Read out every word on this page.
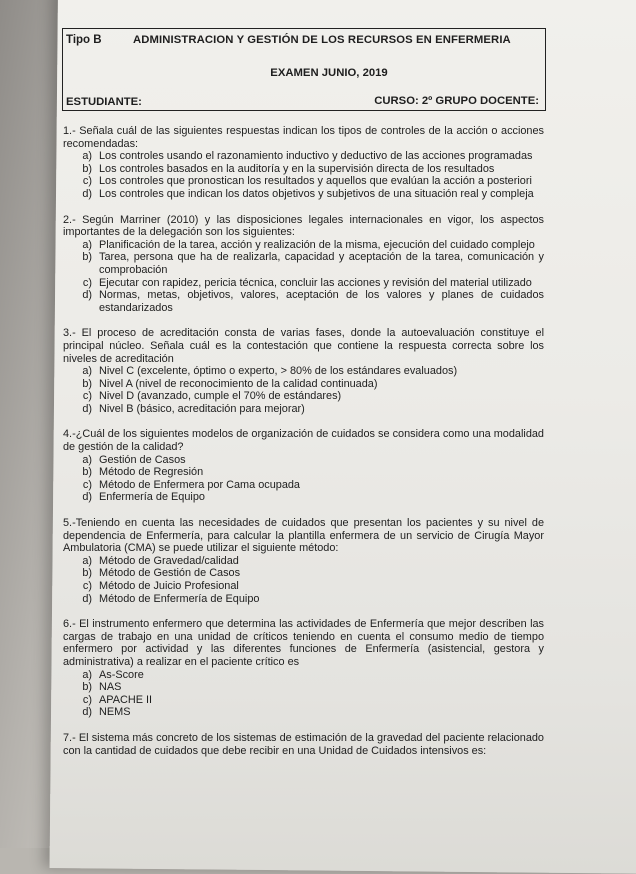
Tipo B	ADMINISTRACION Y GESTIÓN DE LOS RECURSOS EN ENFERMERIA
EXAMEN JUNIO, 2019
ESTUDIANTE:	CURSO: 2º GRUPO DOCENTE:
1.- Señala cuál de las siguientes respuestas indican los tipos de controles de la acción o acciones recomendadas:
a) Los controles usando el razonamiento inductivo y deductivo de las acciones programadas
b) Los controles basados en la auditoría y en la supervisión directa de los resultados
c) Los controles que pronostican los resultados y aquellos que evalúan la acción a posteriori
d) Los controles que indican los datos objetivos y subjetivos de una situación real y compleja
2.- Según Marriner (2010) y las disposiciones legales internacionales en vigor, los aspectos importantes de la delegación son los siguientes:
a) Planificación de la tarea, acción y realización de la misma, ejecución del cuidado complejo
b) Tarea, persona que ha de realizarla, capacidad y aceptación de la tarea, comunicación y comprobación
c) Ejecutar con rapidez, pericia técnica, concluir las acciones y revisión del material utilizado
d) Normas, metas, objetivos, valores, aceptación de los valores y planes de cuidados estandarizados
3.- El proceso de acreditación consta de varias fases, donde la autoevaluación constituye el principal núcleo. Señala cuál es la contestación que contiene la respuesta correcta sobre los niveles de acreditación
a) Nivel C (excelente, óptimo o experto, > 80% de los estándares evaluados)
b) Nivel A (nivel de reconocimiento de la calidad continuada)
c) Nivel D (avanzado, cumple el 70% de estándares)
d) Nivel B (básico, acreditación para mejorar)
4.-¿Cuál de los siguientes modelos de organización de cuidados se considera como una modalidad de gestión de la calidad?
a) Gestión de Casos
b) Método de Regresión
c) Método de Enfermera por Cama ocupada
d) Enfermería de Equipo
5.-Teniendo en cuenta las necesidades de cuidados que presentan los pacientes y su nivel de dependencia de Enfermería, para calcular la plantilla enfermera de un servicio de Cirugía Mayor Ambulatoria (CMA) se puede utilizar el siguiente método:
a) Método de Gravedad/calidad
b) Método de Gestión de Casos
c) Método de Juicio Profesional
d) Método de Enfermería de Equipo
6.- El instrumento enfermero que determina las actividades de Enfermería que mejor describen las cargas de trabajo en una unidad de críticos teniendo en cuenta el consumo medio de tiempo enfermero por actividad y las diferentes funciones de Enfermería (asistencial, gestora y administrativa) a realizar en el paciente crítico es
a) As-Score
b) NAS
c) APACHE II
d) NEMS
7.- El sistema más concreto de los sistemas de estimación de la gravedad del paciente relacionado con la cantidad de cuidados que debe recibir en una Unidad de Cuidados intensivos es:
